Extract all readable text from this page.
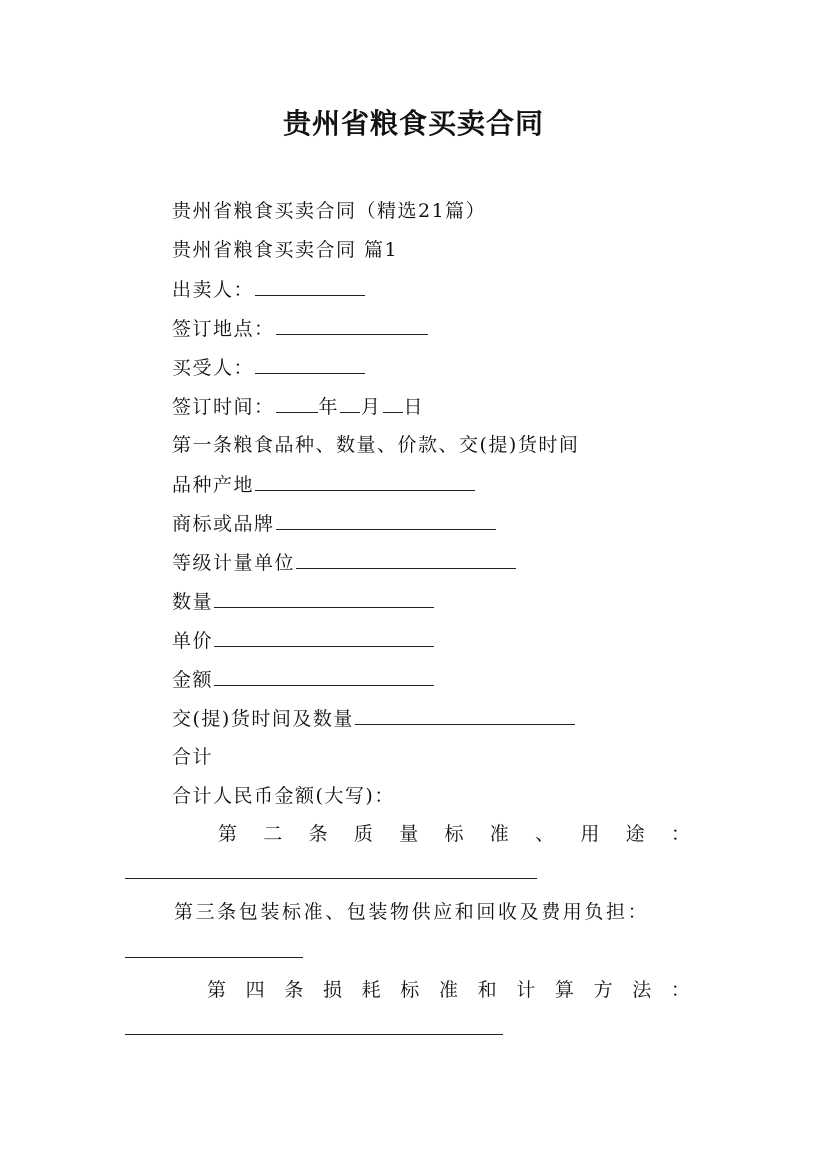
贵州省粮食买卖合同
贵州省粮食买卖合同（精选21篇）
贵州省粮食买卖合同 篇1
出卖人：
签订地点：
买受人：
签订时间： 年 月 日
第一条粮食品种、数量、价款、交(提)货时间
品种产地
商标或品牌
等级计量单位
数量
单价
金额
交(提)货时间及数量
合计
合计人民币金额(大写)：
第 二 条 质 量 标 准 、 用 途 ：
第三条包装标准、包装物供应和回收及费用负担：
第 四 条 损 耗 标 准 和 计 算 方 法 ：
